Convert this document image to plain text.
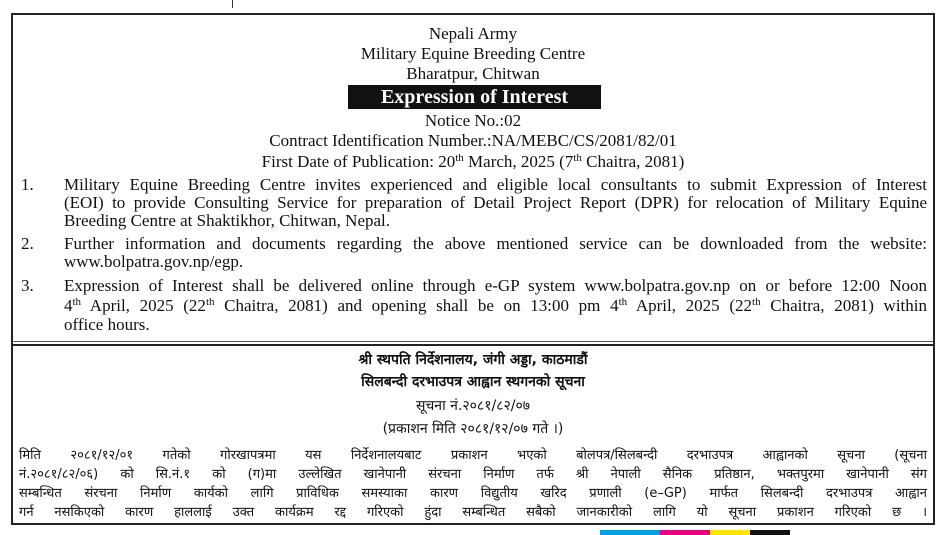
Nepali Army
Military Equine Breeding Centre
Bharatpur, Chitwan
Expression of Interest
Notice No.:02
Contract Identification Number.:NA/MEBC/CS/2081/82/01
First Date of Publication: 20th March, 2025 (7th Chaitra, 2081)
1. Military Equine Breeding Centre invites experienced and eligible local consultants to submit Expression of Interest
(EOI) to provide Consulting Service for preparation of Detail Project Report (DPR) for relocation of Military Equine
Breeding Centre at Shaktikhor, Chitwan, Nepal.
2. Further information and documents regarding the above mentioned service can be downloaded from the website:
www.bolpatra.gov.np/egp.
3. Expression of Interest shall be delivered online through e-GP system www.bolpatra.gov.np on or before 12:00 Noon
4th April, 2025 (22th Chaitra, 2081) and opening shall be on 13:00 pm 4th April, 2025 (22th Chaitra, 2081) within
office hours.
श्री स्थपति निर्देशनालय, जंगी अड्डा, काठमाडौं
सिलबन्दी दरभाउपत्र आह्वान स्थगनको सूचना
सूचना नं.२०८१/८२/०७
(प्रकाशन मिति २०८१/१२/०७ गते ।)
मिति २०८१/१२/०१ गतेको गोरखापत्रमा यस निर्देशनालयबाट प्रकाशन भएको बोलपत्र/सिलबन्दी दरभाउपत्र आह्वानको सूचना (सूचना
नं.२०८१/८२/०६) को सि.नं.१ को (ग)मा उल्लेखित खानेपानी संरचना निर्माण तर्फ श्री नेपाली सैनिक प्रतिष्ठान, भक्तपुरमा खानेपानी संग
सम्बन्धित संरचना निर्माण कार्यको लागि प्राविधिक समस्याका कारण विद्युतीय खरिद प्रणाली (e–GP) मार्फत सिलबन्दी दरभाउपत्र आह्वान
गर्न नसकिएको कारण हाललाई उक्त कार्यक्रम रद्द गरिएको हुंदा सम्बन्धित सबैको जानकारीको लागि यो सूचना प्रकाशन गरिएको छ ।
